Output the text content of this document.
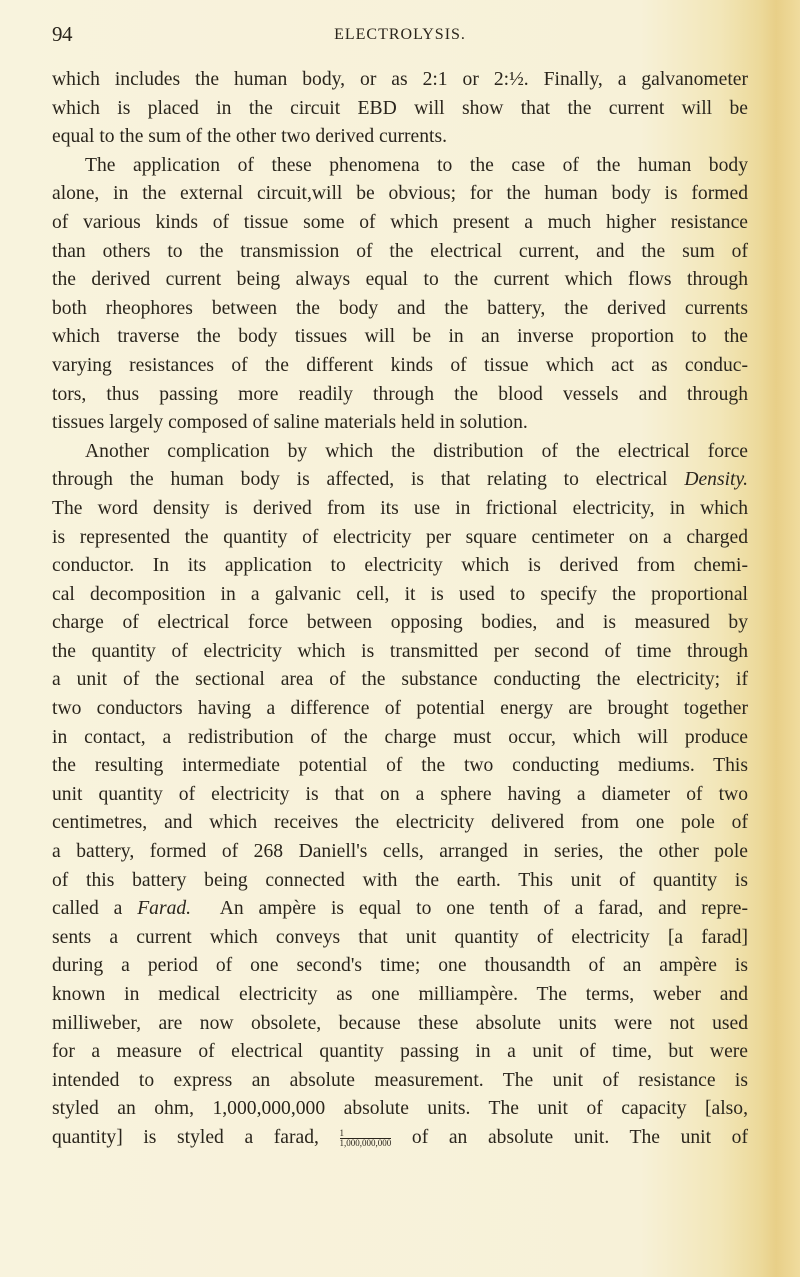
94	ELECTROLYSIS.
which includes the human body, or as 2:1 or 2:½. Finally, a galvanometer
which is placed in the circuit EBD will show that the current will be
equal to the sum of the other two derived currents.
The application of these phenomena to the case of the human body
alone, in the external circuit,will be obvious; for the human body is formed
of various kinds of tissue some of which present a much higher resistance
than others to the transmission of the electrical current, and the sum of
the derived current being always equal to the current which flows through
both rheophores between the body and the battery, the derived currents
which traverse the body tissues will be in an inverse proportion to the
varying resistances of the different kinds of tissue which act as conduc-
tors, thus passing more readily through the blood vessels and through
tissues largely composed of saline materials held in solution.
Another complication by which the distribution of the electrical force
through the human body is affected, is that relating to electrical Density.
The word density is derived from its use in frictional electricity, in which
is represented the quantity of electricity per square centimeter on a charged
conductor. In its application to electricity which is derived from chemi-
cal decomposition in a galvanic cell, it is used to specify the proportional
charge of electrical force between opposing bodies, and is measured by
the quantity of electricity which is transmitted per second of time through
a unit of the sectional area of the substance conducting the electricity; if
two conductors having a difference of potential energy are brought together
in contact, a redistribution of the charge must occur, which will produce
the resulting intermediate potential of the two conducting mediums. This
unit quantity of electricity is that on a sphere having a diameter of two
centimetres, and which receives the electricity delivered from one pole of
a battery, formed of 268 Daniell's cells, arranged in series, the other pole
of this battery being connected with the earth. This unit of quantity is
called a Farad. An ampère is equal to one tenth of a farad, and repre-
sents a current which conveys that unit quantity of electricity [a farad]
during a period of one second's time; one thousandth of an ampère is
known in medical electricity as one milliampère. The terms, weber and
milliweber, are now obsolete, because these absolute units were not used
for a measure of electrical quantity passing in a unit of time, but were
intended to express an absolute measurement. The unit of resistance is
styled an ohm, 1,000,000,000 absolute units. The unit of capacity [also,
quantity] is styled a farad, $\frac{1}{1,000,000,000}$ of an absolute unit. The unit of
